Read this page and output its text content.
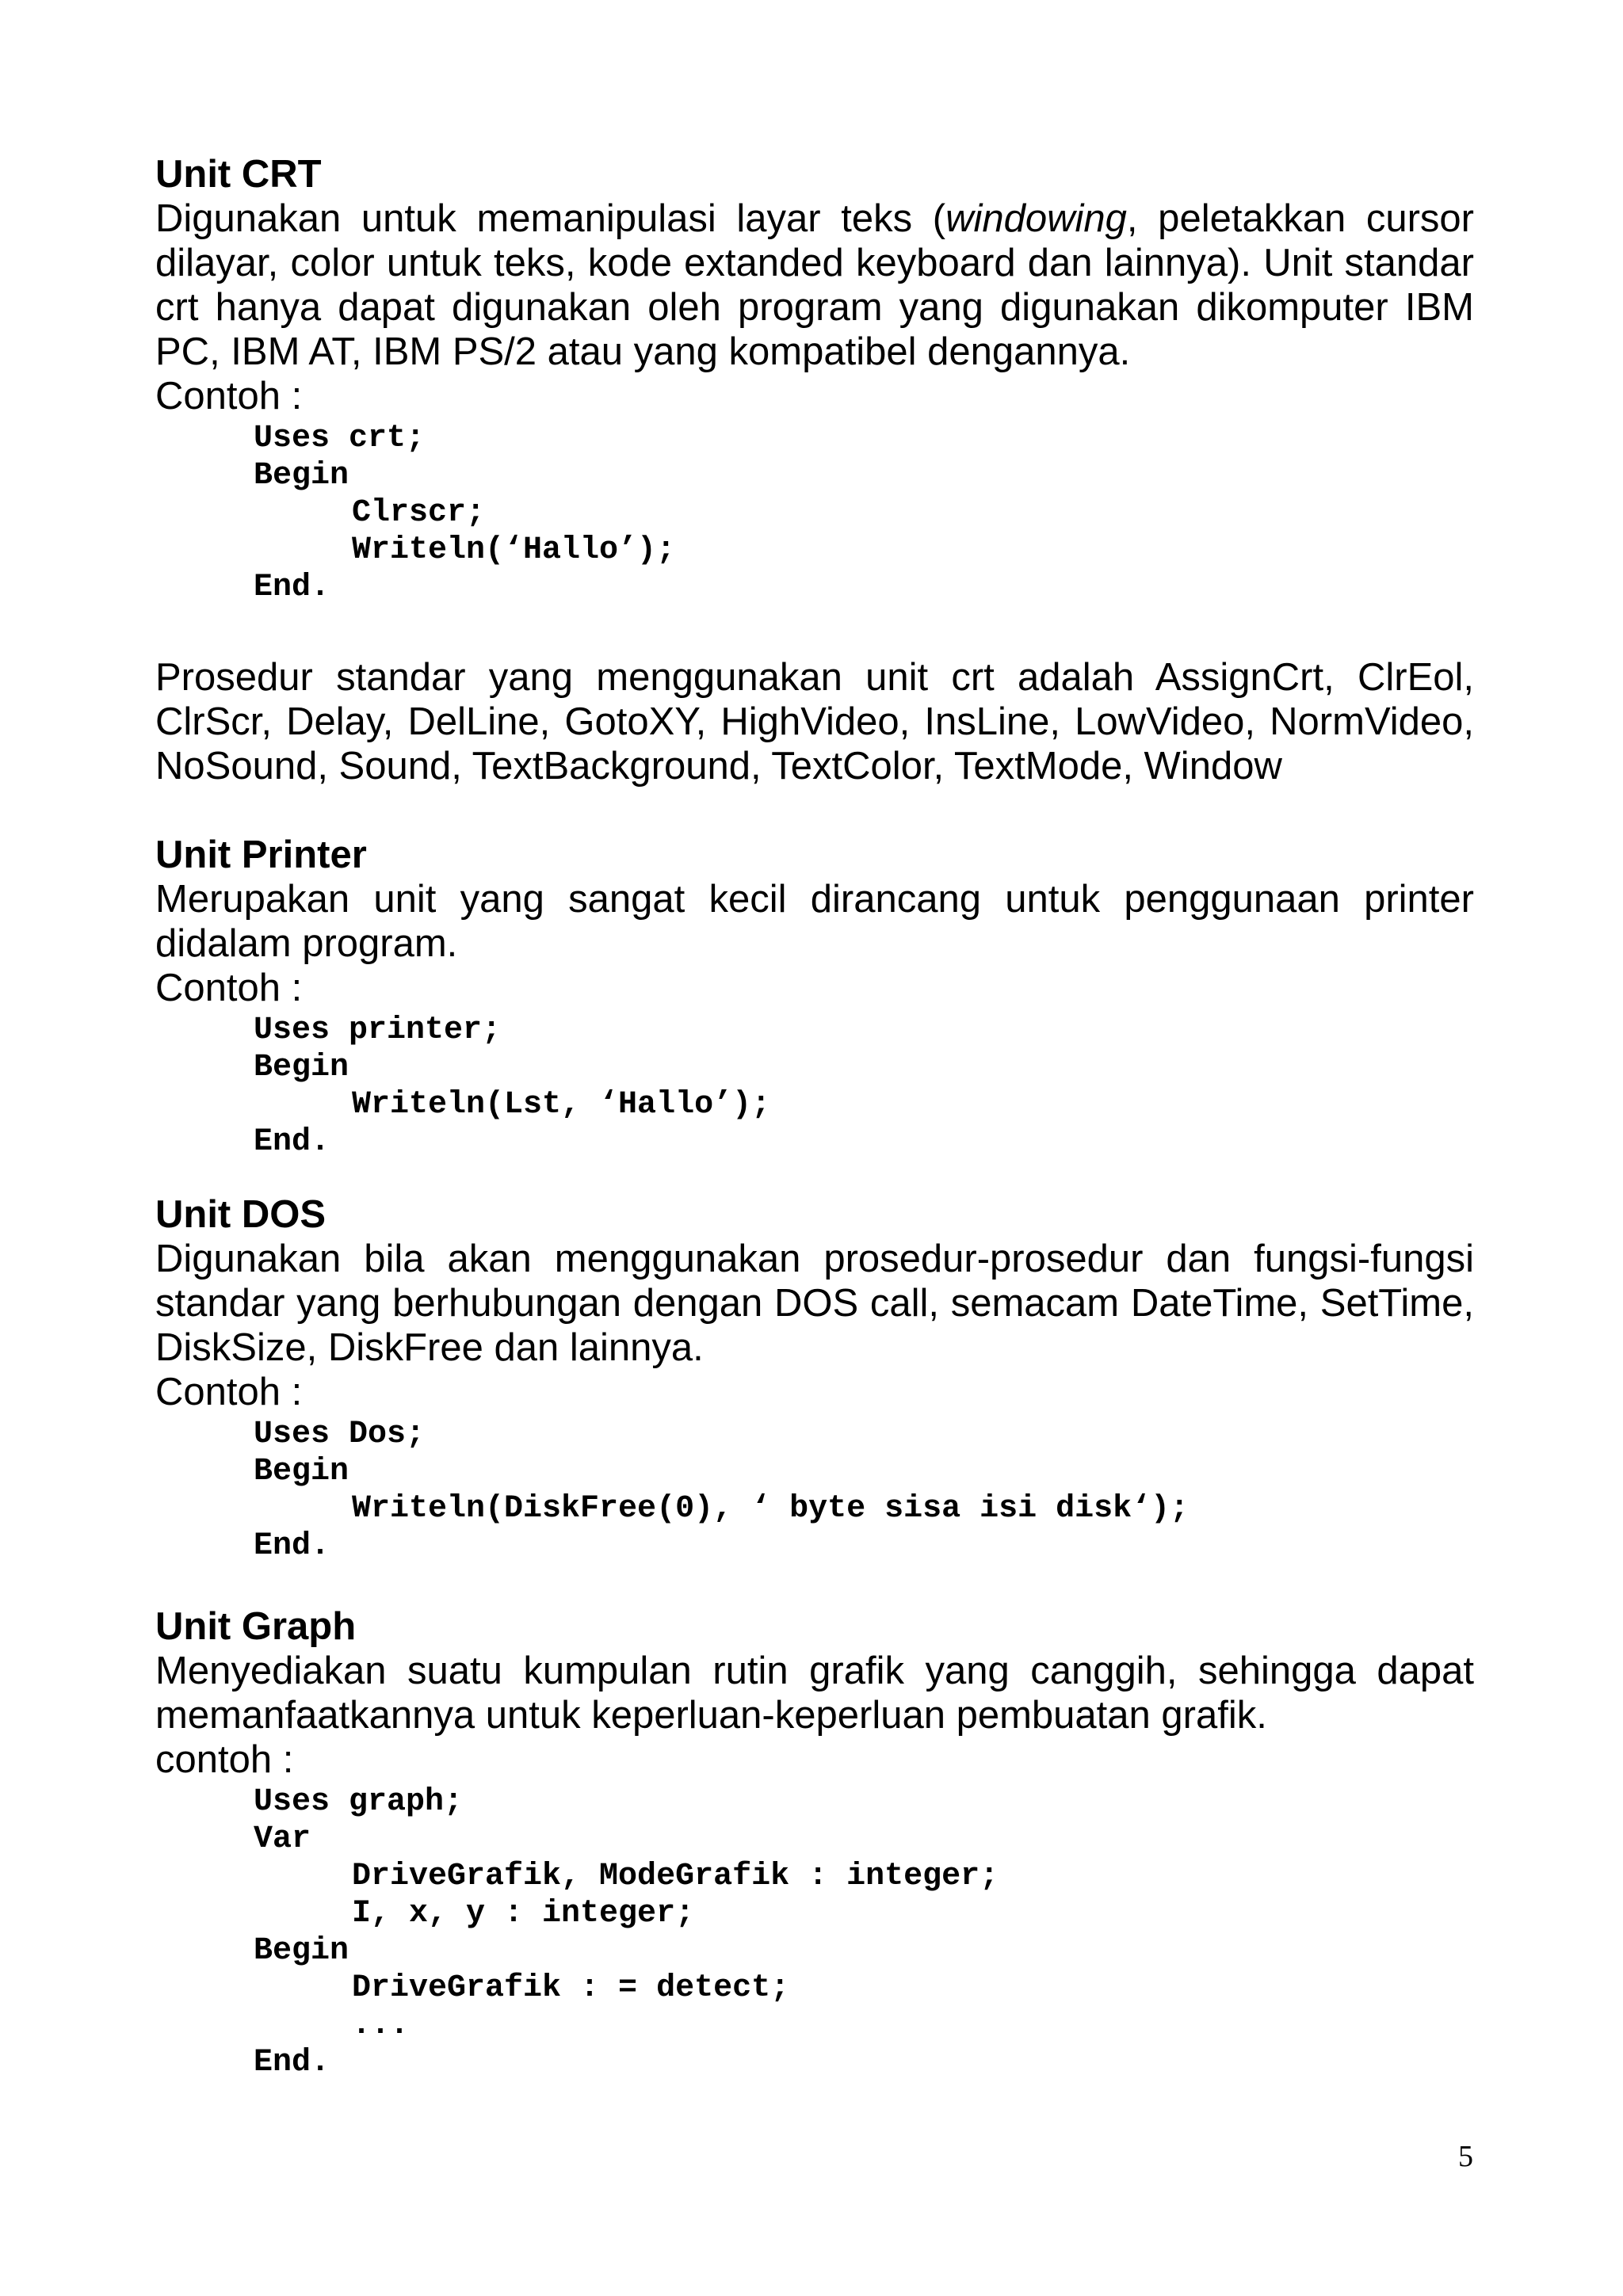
Unit CRT

Digunakan untuk memanipulasi layar teks (windowing, peletakkan cursor dilayar, color untuk teks, kode extanded keyboard dan lainnya). Unit standar crt hanya dapat digunakan oleh program yang digunakan dikomputer IBM PC, IBM AT, IBM PS/2 atau yang kompatibel dengannya.

Contoh :

Uses crt;
Begin
Clrscr;
Writeln(‘Hallo’);
End.

Prosedur standar yang menggunakan unit crt adalah AssignCrt, ClrEol, ClrScr, Delay, DelLine, GotoXY, HighVideo, InsLine, LowVideo, NormVideo, NoSound, Sound, TextBackground, TextColor, TextMode, Window

Unit Printer

Merupakan unit yang sangat kecil dirancang untuk penggunaan printer didalam program.

Contoh :

Uses printer;
Begin
Writeln(Lst, ‘Hallo’);
End.
Unit DOS

Digunakan bila akan menggunakan prosedur-prosedur dan fungsi-fungsi standar yang berhubungan dengan DOS call, semacam DateTime, SetTime, DiskSize, DiskFree dan lainnya.

Contoh :

Uses Dos;
Begin
Writeln(DiskFree(0), ‘ byte sisa isi disk‘);
End.
Unit Graph

Menyediakan suatu kumpulan rutin grafik yang canggih, sehingga dapat memanfaatkannya untuk keperluan-keperluan pembuatan grafik.

contoh :

Uses graph;
Var
DriveGrafik, ModeGrafik : integer;
I, x, y : integer;
Begin
DriveGrafik : = detect;
...
End.
5
